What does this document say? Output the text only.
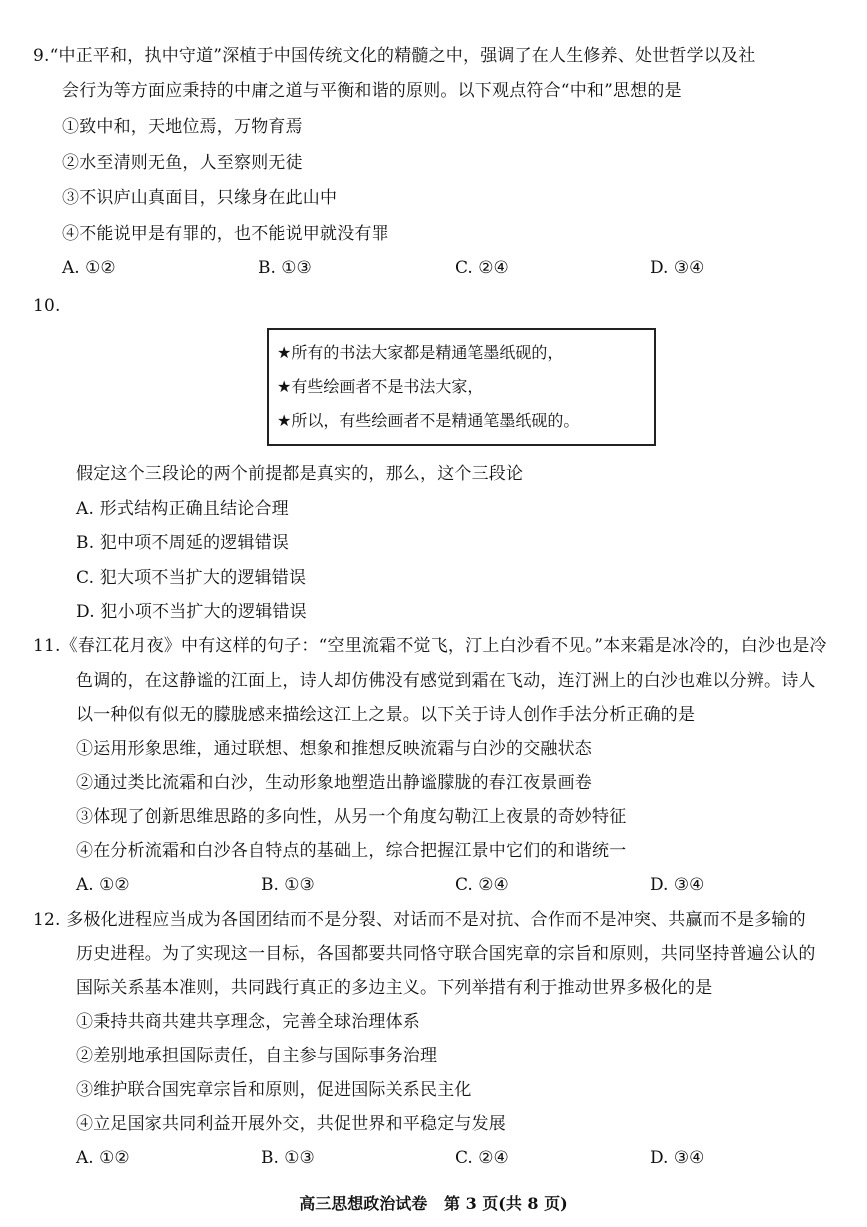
9.“中正平和，执中守道”深植于中国传统文化的精髓之中，强调了在人生修养、处世哲学以及社
会行为等方面应秉持的中庸之道与平衡和谐的原则。以下观点符合“中和”思想的是
①致中和，天地位焉，万物育焉
②水至清则无鱼，人至察则无徒
③不识庐山真面目，只缘身在此山中
④不能说甲是有罪的，也不能说甲就没有罪
A. ①②	B. ①③	C. ②④	D. ③④
10.
★所有的书法大家都是精通笔墨纸砚的，
★有些绘画者不是书法大家，
★所以，有些绘画者不是精通笔墨纸砚的。
假定这个三段论的两个前提都是真实的，那么，这个三段论
A. 形式结构正确且结论合理
B. 犯中项不周延的逻辑错误
C. 犯大项不当扩大的逻辑错误
D. 犯小项不当扩大的逻辑错误
11.《春江花月夜》中有这样的句子：“空里流霜不觉飞，汀上白沙看不见。”本来霜是冰冷的，白沙也是冷
色调的，在这静谧的江面上，诗人却仿佛没有感觉到霜在飞动，连汀洲上的白沙也难以分辨。诗人
以一种似有似无的朦胧感来描绘这江上之景。以下关于诗人创作手法分析正确的是
①运用形象思维，通过联想、想象和推想反映流霜与白沙的交融状态
②通过类比流霜和白沙，生动形象地塑造出静谧朦胧的春江夜景画卷
③体现了创新思维思路的多向性，从另一个角度勾勒江上夜景的奇妙特征
④在分析流霜和白沙各自特点的基础上，综合把握江景中它们的和谐统一
A. ①②	B. ①③	C. ②④	D. ③④
12. 多极化进程应当成为各国团结而不是分裂、对话而不是对抗、合作而不是冲突、共赢而不是多输的
历史进程。为了实现这一目标，各国都要共同恪守联合国宪章的宗旨和原则，共同坚持普遍公认的
国际关系基本准则，共同践行真正的多边主义。下列举措有利于推动世界多极化的是
①秉持共商共建共享理念，完善全球治理体系
②差别地承担国际责任，自主参与国际事务治理
③维护联合国宪章宗旨和原则，促进国际关系民主化
④立足国家共同利益开展外交，共促世界和平稳定与发展
A. ①②	B. ①③	C. ②④	D. ③④
高三思想政治试卷 第 3 页(共 8 页)
